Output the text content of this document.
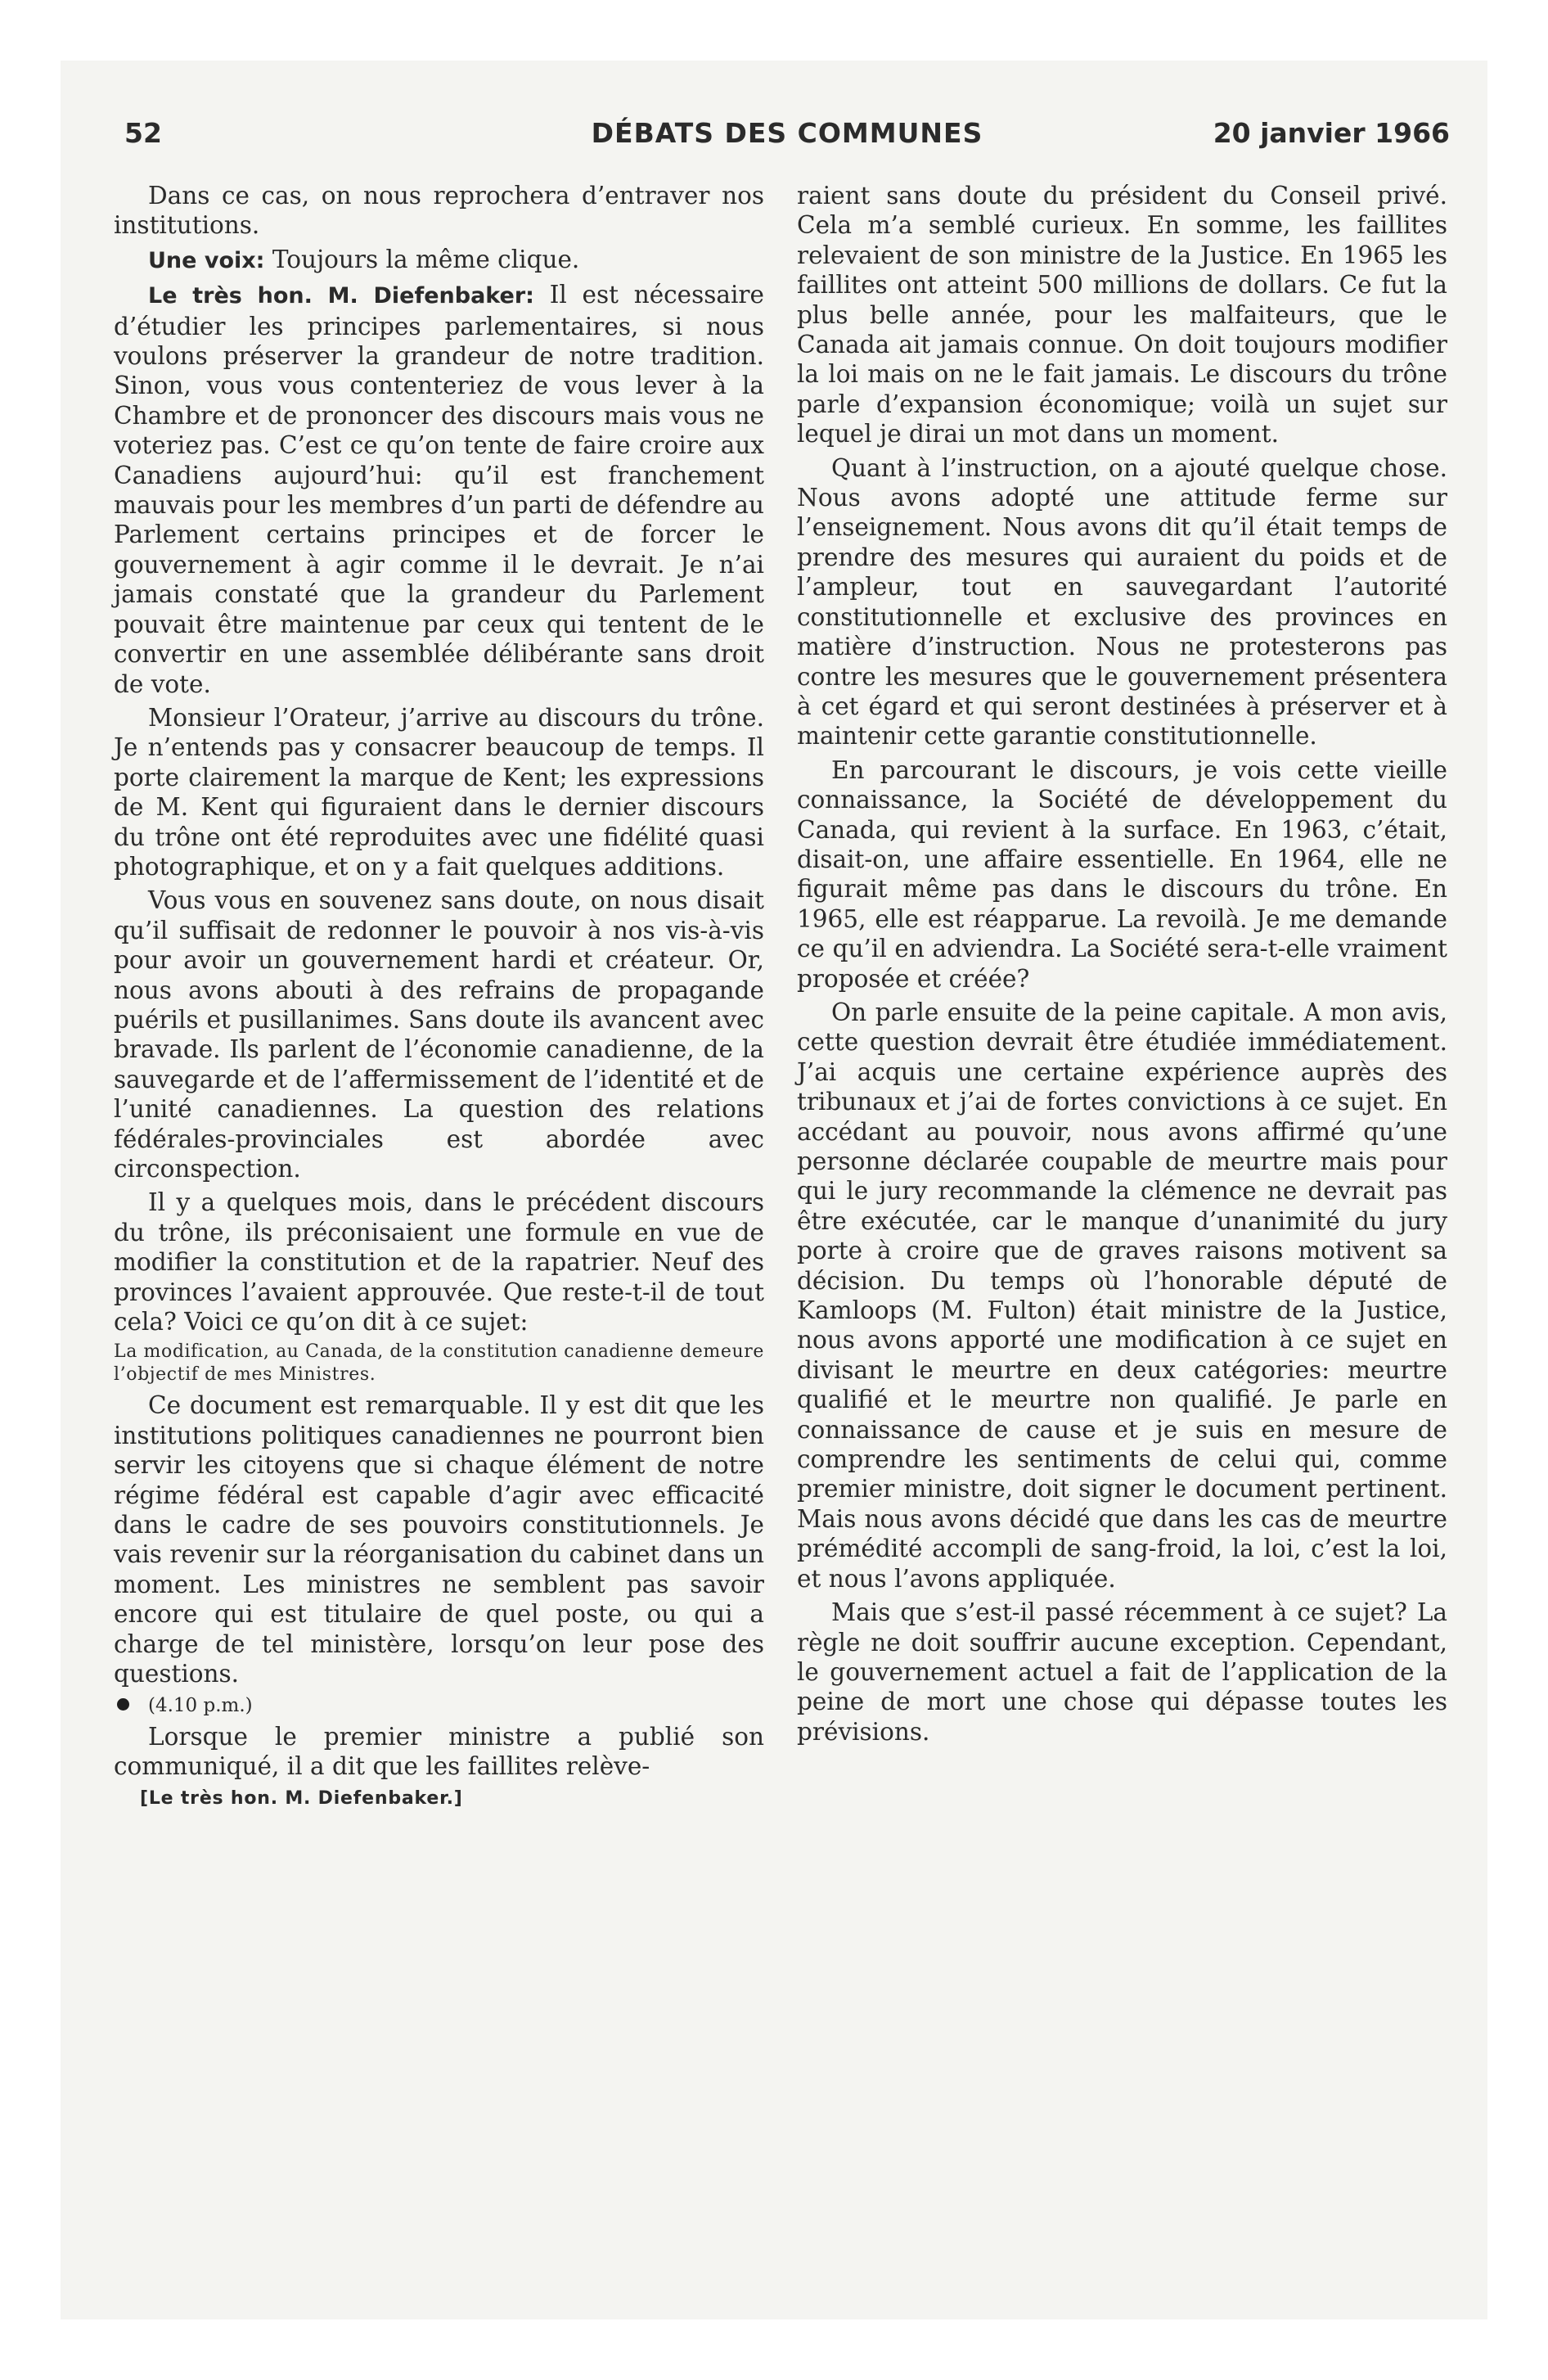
52	DÉBATS DES COMMUNES	20 janvier 1966

Dans ce cas, on nous reprochera d’entraver nos institutions.

Une voix: Toujours la même clique.

Le très hon. M. Diefenbaker: Il est nécessaire d’étudier les principes parlementaires, si nous voulons préserver la grandeur de notre tradition. Sinon, vous vous contenteriez de vous lever à la Chambre et de prononcer des discours mais vous ne voteriez pas. C’est ce qu’on tente de faire croire aux Canadiens aujourd’hui: qu’il est franchement mauvais pour les membres d’un parti de défendre au Parlement certains principes et de forcer le gouvernement à agir comme il le devrait. Je n’ai jamais constaté que la grandeur du Parlement pouvait être maintenue par ceux qui tentent de le convertir en une assemblée délibérante sans droit de vote.

Monsieur l’Orateur, j’arrive au discours du trône. Je n’entends pas y consacrer beaucoup de temps. Il porte clairement la marque de Kent; les expressions de M. Kent qui figuraient dans le dernier discours du trône ont été reproduites avec une fidélité quasi photographique, et on y a fait quelques additions.

Vous vous en souvenez sans doute, on nous disait qu’il suffisait de redonner le pouvoir à nos vis-à-vis pour avoir un gouvernement hardi et créateur. Or, nous avons abouti à des refrains de propagande puérils et pusillanimes. Sans doute ils avancent avec bravade. Ils parlent de l’économie canadienne, de la sauvegarde et de l’affermissement de l’identité et de l’unité canadiennes. La question des relations fédérales-provinciales est abordée avec circonspection.

Il y a quelques mois, dans le précédent discours du trône, ils préconisaient une formule en vue de modifier la constitution et de la rapatrier. Neuf des provinces l’avaient approuvée. Que reste-t-il de tout cela? Voici ce qu’on dit à ce sujet:

La modification, au Canada, de la constitution canadienne demeure l’objectif de mes Ministres.

Ce document est remarquable. Il y est dit que les institutions politiques canadiennes ne pourront bien servir les citoyens que si chaque élément de notre régime fédéral est capable d’agir avec efficacité dans le cadre de ses pouvoirs constitutionnels. Je vais revenir sur la réorganisation du cabinet dans un moment. Les ministres ne semblent pas savoir encore qui est titulaire de quel poste, ou qui a charge de tel ministère, lorsqu’on leur pose des questions.

(4.10 p.m.)

Lorsque le premier ministre a publié son communiqué, il a dit que les faillites relève-

[Le très hon. M. Diefenbaker.]

raient sans doute du président du Conseil privé. Cela m’a semblé curieux. En somme, les faillites relevaient de son ministre de la Justice. En 1965 les faillites ont atteint 500 millions de dollars. Ce fut la plus belle année, pour les malfaiteurs, que le Canada ait jamais connue. On doit toujours modifier la loi mais on ne le fait jamais. Le discours du trône parle d’expansion économique; voilà un sujet sur lequel je dirai un mot dans un moment.

Quant à l’instruction, on a ajouté quelque chose. Nous avons adopté une attitude ferme sur l’enseignement. Nous avons dit qu’il était temps de prendre des mesures qui auraient du poids et de l’ampleur, tout en sauvegardant l’autorité constitutionnelle et exclusive des provinces en matière d’instruction. Nous ne protesterons pas contre les mesures que le gouvernement présentera à cet égard et qui seront destinées à préserver et à maintenir cette garantie constitutionnelle.

En parcourant le discours, je vois cette vieille connaissance, la Société de développement du Canada, qui revient à la surface. En 1963, c’était, disait-on, une affaire essentielle. En 1964, elle ne figurait même pas dans le discours du trône. En 1965, elle est réapparue. La revoilà. Je me demande ce qu’il en adviendra. La Société sera-t-elle vraiment proposée et créée?

On parle ensuite de la peine capitale. A mon avis, cette question devrait être étudiée immédiatement. J’ai acquis une certaine expérience auprès des tribunaux et j’ai de fortes convictions à ce sujet. En accédant au pouvoir, nous avons affirmé qu’une personne déclarée coupable de meurtre mais pour qui le jury recommande la clémence ne devrait pas être exécutée, car le manque d’unanimité du jury porte à croire que de graves raisons motivent sa décision. Du temps où l’honorable député de Kamloops (M. Fulton) était ministre de la Justice, nous avons apporté une modification à ce sujet en divisant le meurtre en deux catégories: meurtre qualifié et le meurtre non qualifié. Je parle en connaissance de cause et je suis en mesure de comprendre les sentiments de celui qui, comme premier ministre, doit signer le document pertinent. Mais nous avons décidé que dans les cas de meurtre prémédité accompli de sang-froid, la loi, c’est la loi, et nous l’avons appliquée.

Mais que s’est-il passé récemment à ce sujet? La règle ne doit souffrir aucune exception. Cependant, le gouvernement actuel a fait de l’application de la peine de mort une chose qui dépasse toutes les prévisions.
